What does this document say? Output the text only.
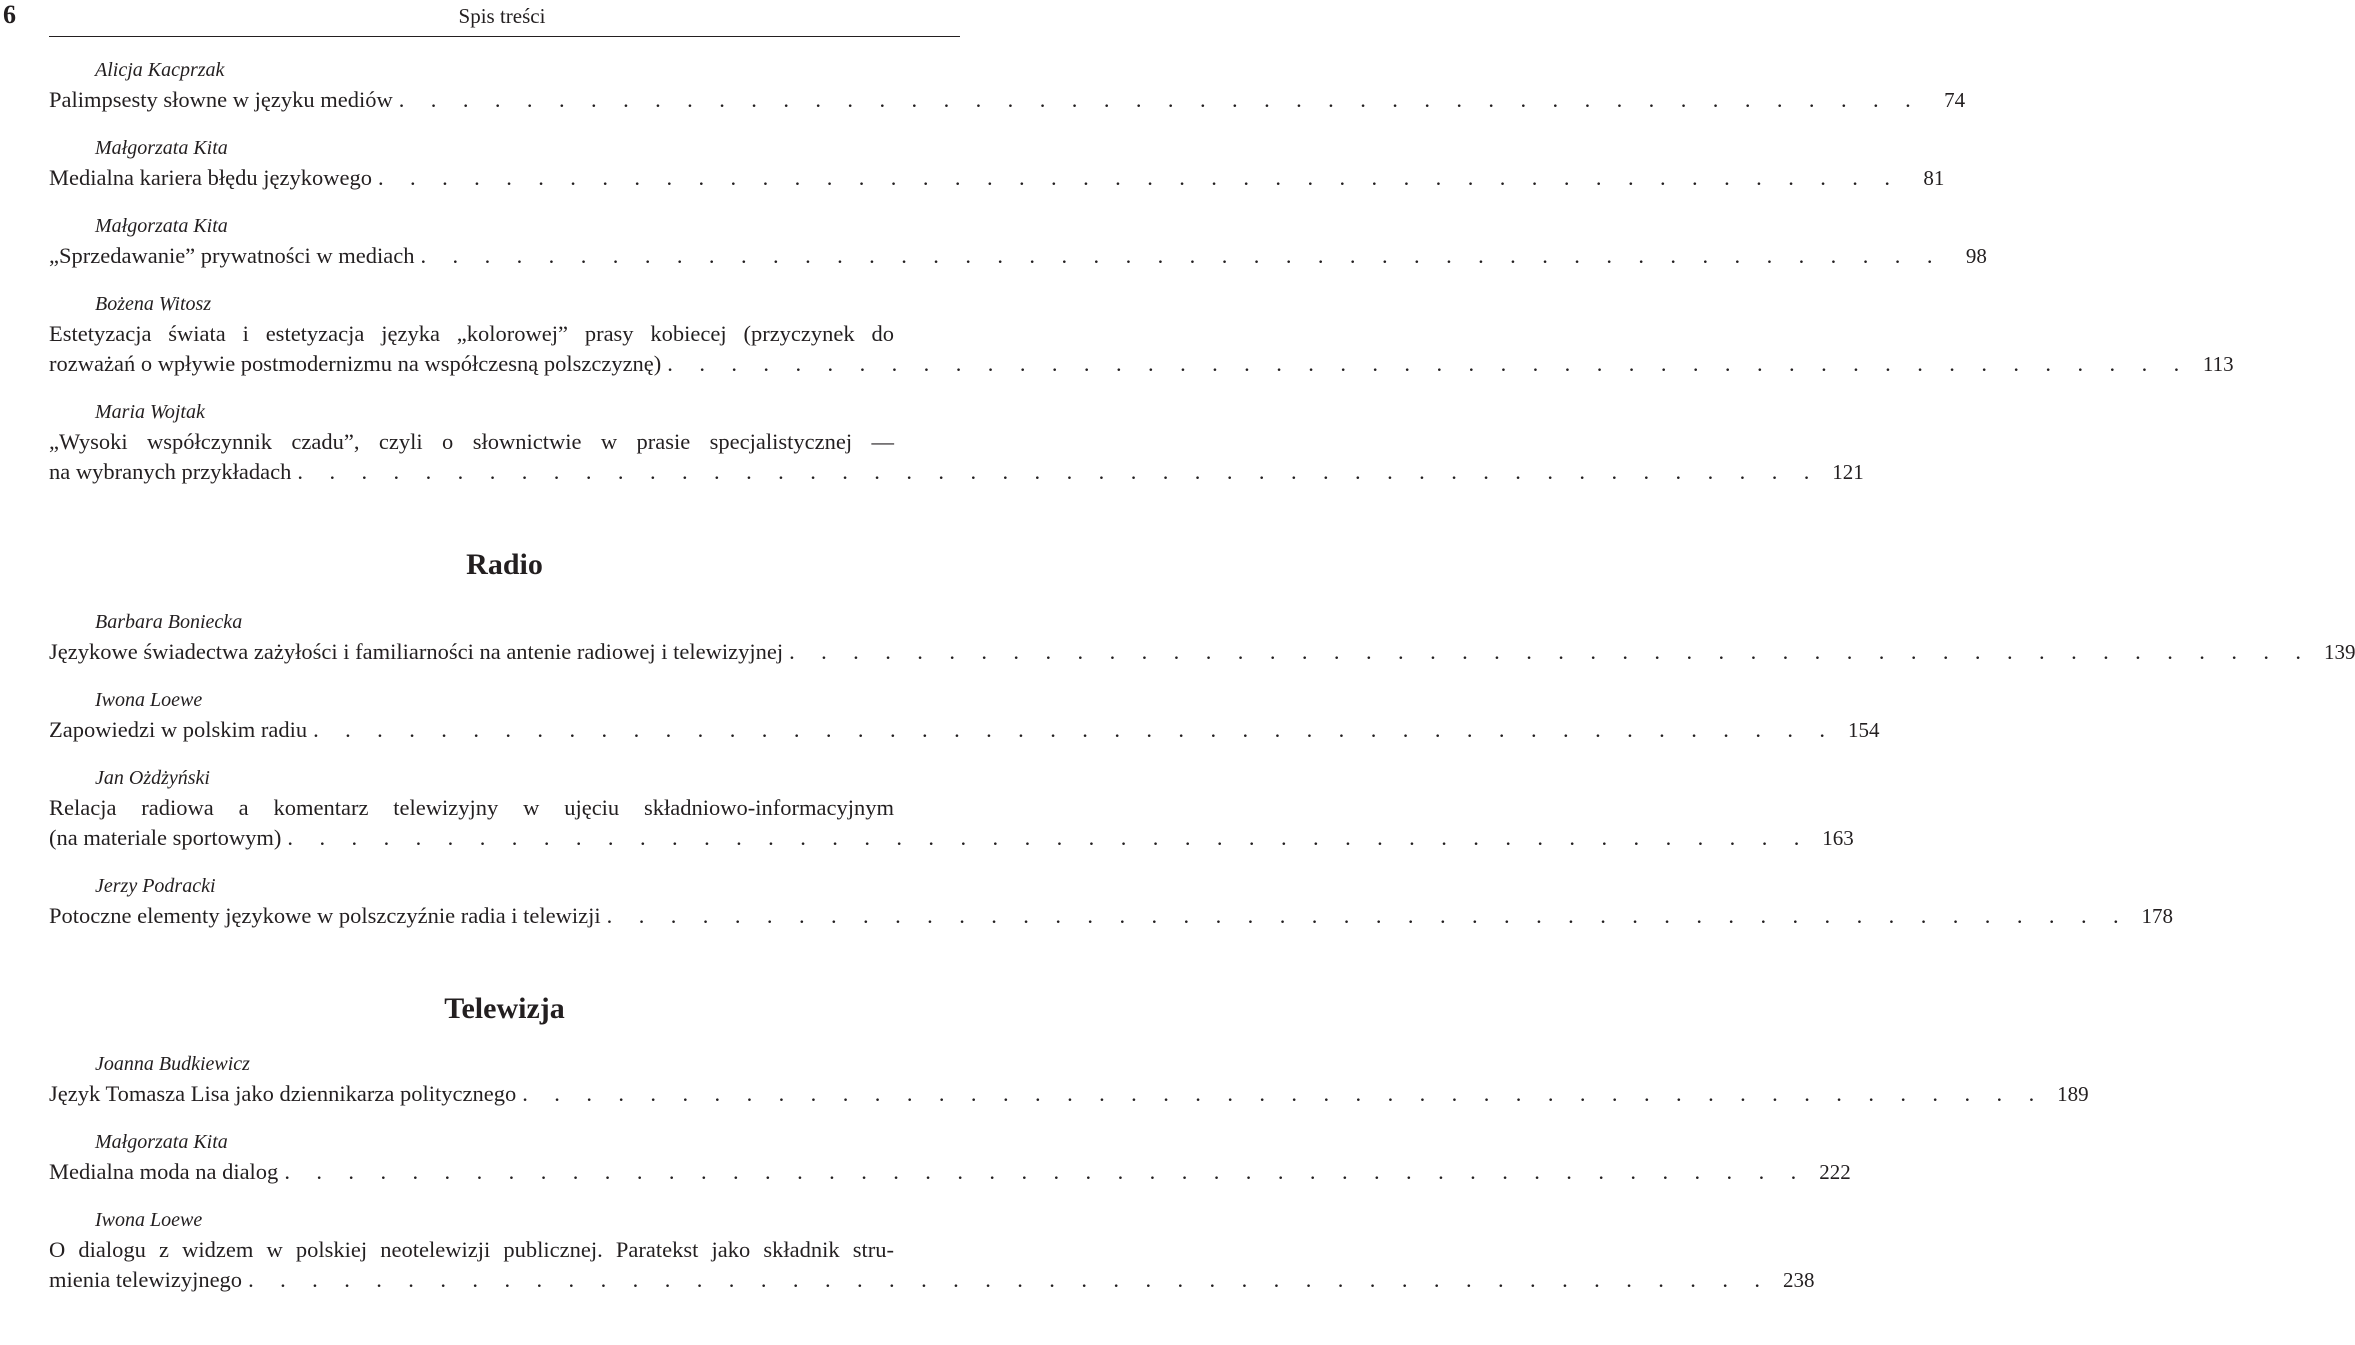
6	Spis treści
Alicja Kacprzak
Palimpsesty słowne w języku mediów . . .	74
Małgorzata Kita
Medialna kariera błędu językowego . . .	81
Małgorzata Kita
„Sprzedawanie” prywatności w mediach . . .	98
Bożena Witosz
Estetyzacja świata i estetyzacja języka „kolorowej” prasy kobiecej (przyczynek do
rozważań o wpływie postmodernizmu na współczesną polszczyznę) . . .	113
Maria Wojtak
„Wysoki współczynnik czadu”, czyli o słownictwie w prasie specjalistycznej —
na wybranych przykładach . . .	121
Radio
Barbara Boniecka
Językowe świadectwa zażyłości i familiarności na antenie radiowej i telewizyjnej . . .	139
Iwona Loewe
Zapowiedzi w polskim radiu . . .	154
Jan Ożdżyński
Relacja radiowa a komentarz telewizyjny w ujęciu składniowo-informacyjnym
(na materiale sportowym) . . .	163
Jerzy Podracki
Potoczne elementy językowe w polszczyźnie radia i telewizji . . .	178
Telewizja
Joanna Budkiewicz
Język Tomasza Lisa jako dziennikarza politycznego . . .	189
Małgorzata Kita
Medialna moda na dialog . . .	222
Iwona Loewe
O dialogu z widzem w polskiej neotelewizji publicznej. Paratekst jako składnik stru-
mienia telewizyjnego . . .	238
